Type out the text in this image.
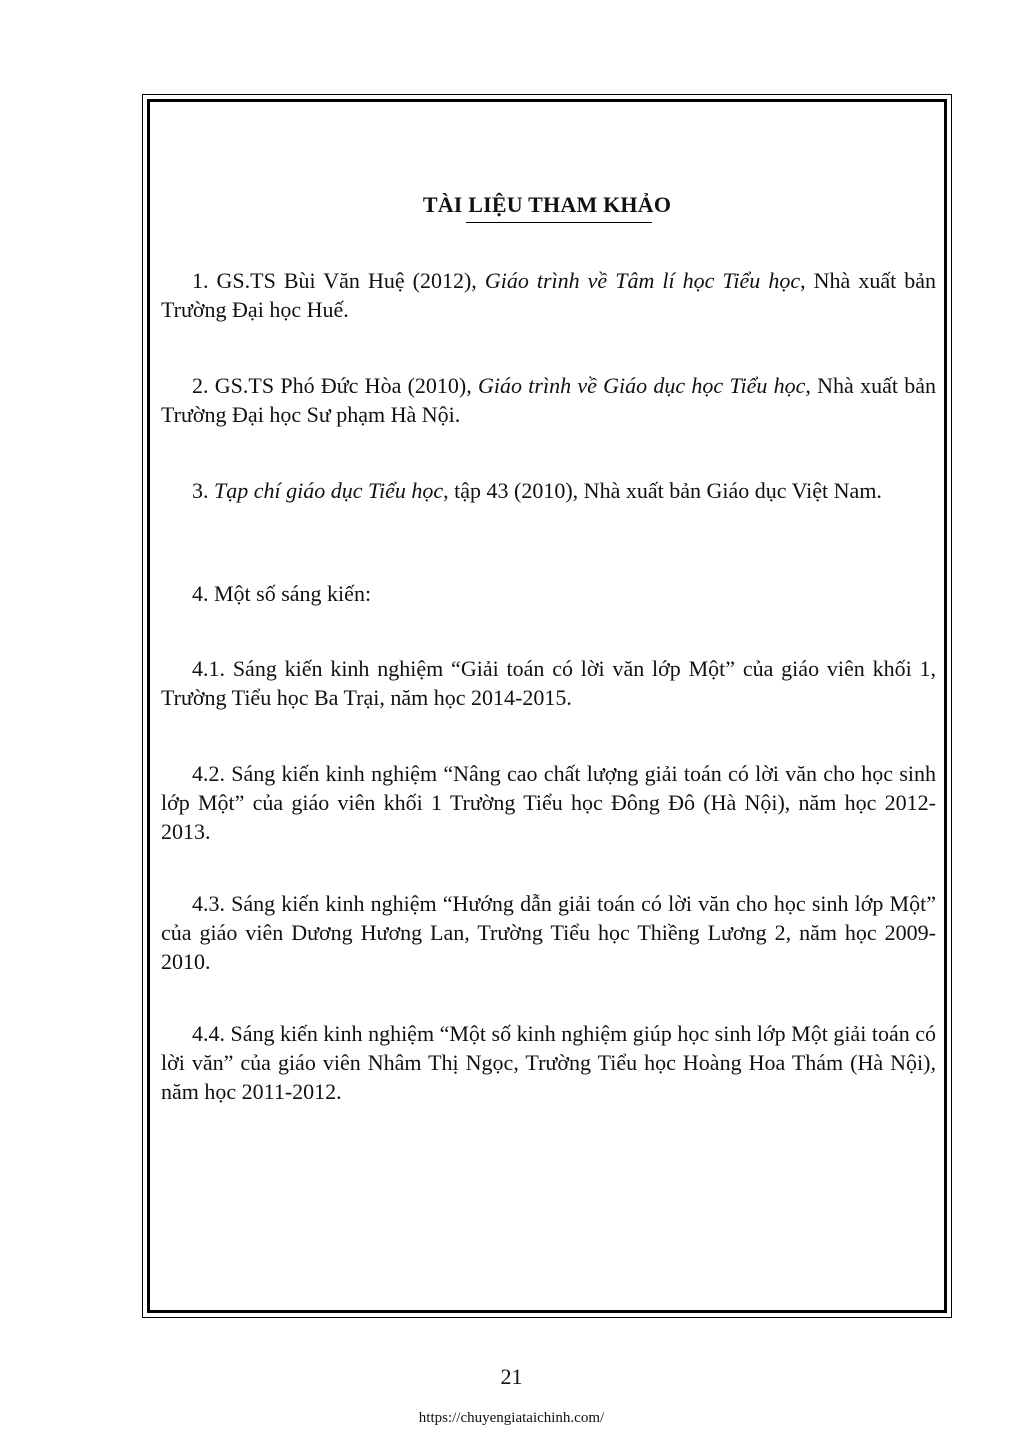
TÀI LIỆU THAM KHẢO

1. GS.TS Bùi Văn Huệ (2012), Giáo trình về Tâm lí học Tiểu học, Nhà xuất bản Trường Đại học Huế.

2. GS.TS Phó Đức Hòa (2010), Giáo trình về Giáo dục học Tiểu học, Nhà xuất bản Trường Đại học Sư phạm Hà Nội.

3. Tạp chí giáo dục Tiểu học, tập 43 (2010), Nhà xuất bản Giáo dục Việt Nam.

4. Một số sáng kiến:

4.1. Sáng kiến kinh nghiệm “Giải toán có lời văn lớp Một” của giáo viên khối 1, Trường Tiểu học Ba Trại, năm học 2014-2015.

4.2. Sáng kiến kinh nghiệm “Nâng cao chất lượng giải toán có lời văn cho học sinh lớp Một” của giáo viên khối 1 Trường Tiểu học Đông Đô (Hà Nội), năm học 2012-2013.

4.3. Sáng kiến kinh nghiệm “Hướng dẫn giải toán có lời văn cho học sinh lớp Một” của giáo viên Dương Hương Lan, Trường Tiểu học Thiềng Lương 2, năm học 2009-2010.

4.4. Sáng kiến kinh nghiệm “Một số kinh nghiệm giúp học sinh lớp Một giải toán có lời văn” của giáo viên Nhâm Thị Ngọc, Trường Tiểu học Hoàng Hoa Thám (Hà Nội), năm học 2011-2012.

21
https://chuyengiataichinh.com/
